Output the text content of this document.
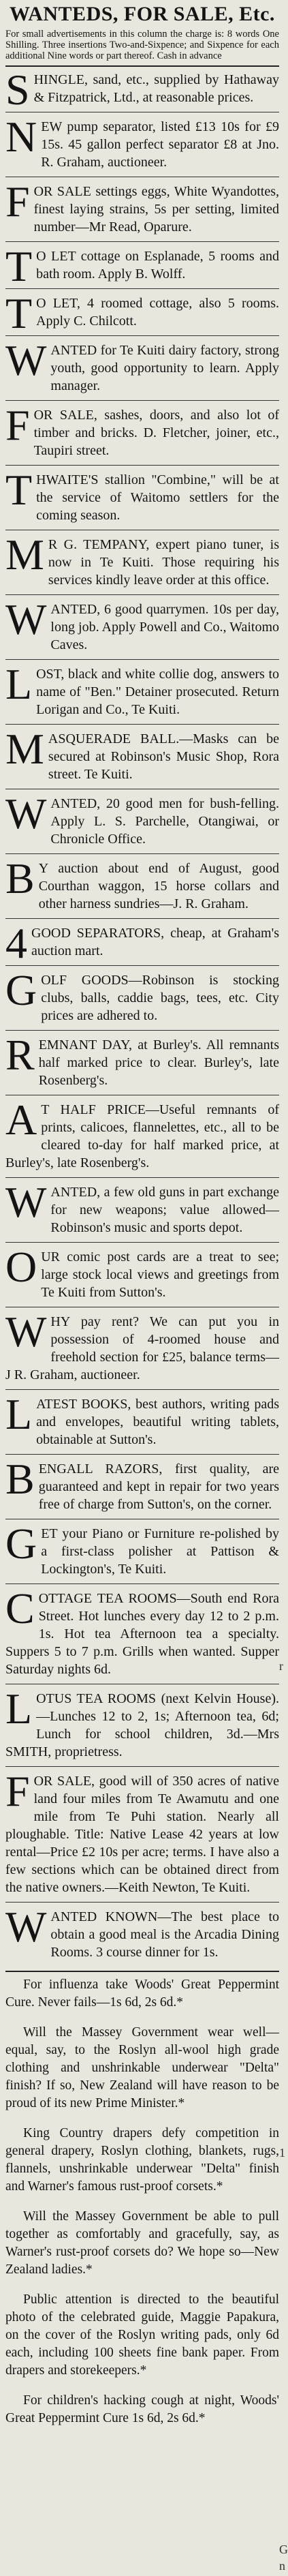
WANTEDS, FOR SALE, Etc.
For small advertisements in this column the charge is: 8 words One Shilling. Three insertions Two-and-Sixpence; and Sixpence for each additional Nine words or part thereof. Cash in advance
SHINGLE, sand, etc., supplied by Hathaway & Fitzpatrick, Ltd., at reasonable prices.
NEW pump separator, listed £13 10s for £9 15s. 45 gallon perfect separator £8 at Jno. R. Graham, auctioneer.
FOR SALE settings eggs, White Wyandottes, finest laying strains, 5s per setting, limited number—Mr Read, Oparure.
T O LET cottage on Esplanade, 5 rooms and bath room. Apply B. Wolff.
T O LET, 4 roomed cottage, also 5 rooms. Apply C. Chilcott.
WANTED for Te Kuiti dairy factory, strong youth, good opportunity to learn. Apply manager.
FOR SALE, sashes, doors, and also lot of timber and bricks. D. Fletcher, joiner, etc., Taupiri street.
THWAITE'S stallion "Combine," will be at the service of Waitomo settlers for the coming season.
M R G. TEMPANY, expert piano tuner, is now in Te Kuiti. Those requiring his services kindly leave order at this office.
WANTED, 6 good quarrymen. 10s per day, long job. Apply Powell and Co., Waitomo Caves.
LOST, black and white collie dog, answers to name of "Ben." Detainer prosecuted. Return Lorigan and Co., Te Kuiti.
MASQUERADE BALL.—Masks can be secured at Robinson's Music Shop, Rora street. Te Kuiti.
WANTED, 20 good men for bush-felling. Apply L. S. Parchelle, Otangiwai, or Chronicle Office.
B Y auction about end of August, good Courthan waggon, 15 horse collars and other harness sundries—J. R. Graham.
4 GOOD SEPARATORS, cheap, at Graham's auction mart.
GOLF GOODS—Robinson is stocking clubs, balls, caddie bags, tees, etc. City prices are adhered to.
REMNANT DAY, at Burley's. All remnants half marked price to clear. Burley's, late Rosenberg's.
A T HALF PRICE—Useful remnants of prints, calicoes, flannelettes, etc., all to be cleared to-day for half marked price, at Burley's, late Rosenberg's.
WANTED, a few old guns in part exchange for new weapons; value allowed—Robinson's music and sports depot.
OUR comic post cards are a treat to see; large stock local views and greetings from Te Kuiti from Sutton's.
WHY pay rent? We can put you in possession of 4-roomed house and freehold section for £25, balance terms—J R. Graham, auctioneer.
LATEST BOOKS, best authors, writing pads and envelopes, beautiful writing tablets, obtainable at Sutton's.
BENGALL RAZORS, first quality, are guaranteed and kept in repair for two years free of charge from Sutton's, on the corner.
GET your Piano or Furniture re-polished by a first-class polisher at Pattison & Lockington's, Te Kuiti.
COTTAGE TEA ROOMS—South end Rora Street. Hot lunches every day 12 to 2 p.m. 1s. Hot tea Afternoon tea a specialty. Suppers 5 to 7 p.m. Grills when wanted. Supper Saturday nights 6d.
LOTUS TEA ROOMS (next Kelvin House).—Lunches 12 to 2, 1s; Afternoon tea, 6d; Lunch for school children, 3d.—Mrs SMITH, proprietress.
FOR SALE, good will of 350 acres of native land four miles from Te Awamutu and one mile from Te Puhi station. Nearly all ploughable. Title: Native Lease 42 years at low rental—Price £2 10s per acre; terms. I have also a few sections which can be obtained direct from the native owners.—Keith Newton, Te Kuiti.
WANTED KNOWN—The best place to obtain a good meal is the Arcadia Dining Rooms. 3 course dinner for 1s.

For influenza take Woods' Great Peppermint Cure. Never fails—1s 6d, 2s 6d.*

Will the Massey Government wear well—equal, say, to the Roslyn all-wool high grade clothing and unshrinkable underwear "Delta" finish? If so, New Zealand will have reason to be proud of its new Prime Minister.*

King Country drapers defy competition in general drapery, Roslyn clothing, blankets, rugs, flannels, unshrinkable underwear "Delta" finish and Warner's famous rust-proof corsets.*

Will the Massey Government be able to pull together as comfortably and gracefully, say, as Warner's rust-proof corsets do? We hope so—New Zealand ladies.*

Public attention is directed to the beautiful photo of the celebrated guide, Maggie Papakura, on the cover of the Roslyn writing pads, only 6d each, including 100 sheets fine bank paper. From drapers and storekeepers.*

For children's hacking cough at night, Woods' Great Peppermint Cure 1s 6d, 2s 6d.*

r
1
G
n
